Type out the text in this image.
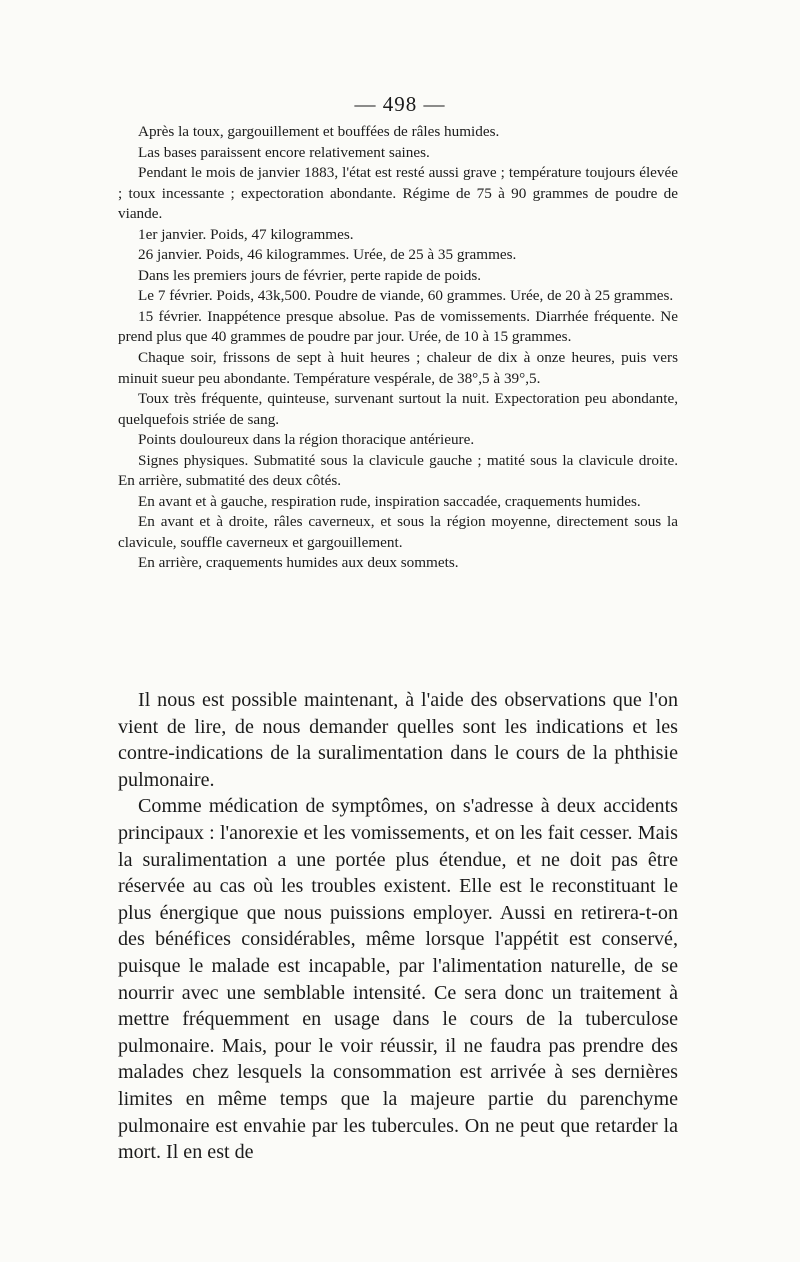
— 498 —

Après la toux, gargouillement et bouffées de râles humides.

Las bases paraissent encore relativement saines.

Pendant le mois de janvier 1883, l'état est resté aussi grave ; température toujours élevée ; toux incessante ; expectoration abondante. Régime de 75 à 90 grammes de poudre de viande.

1er janvier. Poids, 47 kilogrammes.

26 janvier. Poids, 46 kilogrammes. Urée, de 25 à 35 grammes.

Dans les premiers jours de février, perte rapide de poids.

Le 7 février. Poids, 43k,500. Poudre de viande, 60 grammes. Urée, de 20 à 25 grammes.

15 février. Inappétence presque absolue. Pas de vomissements. Diarrhée fréquente. Ne prend plus que 40 grammes de poudre par jour. Urée, de 10 à 15 grammes.

Chaque soir, frissons de sept à huit heures ; chaleur de dix à onze heures, puis vers minuit sueur peu abondante. Température vespérale, de 38°,5 à 39°,5.

Toux très fréquente, quinteuse, survenant surtout la nuit. Expectoration peu abondante, quelquefois striée de sang.

Points douloureux dans la région thoracique antérieure.

Signes physiques. Submatité sous la clavicule gauche ; matité sous la clavicule droite. En arrière, submatité des deux côtés.

En avant et à gauche, respiration rude, inspiration saccadée, craquements humides.

En avant et à droite, râles caverneux, et sous la région moyenne, directement sous la clavicule, souffle caverneux et gargouillement.

En arrière, craquements humides aux deux sommets.

Il nous est possible maintenant, à l'aide des observations que l'on vient de lire, de nous demander quelles sont les indications et les contre-indications de la suralimentation dans le cours de la phthisie pulmonaire.

Comme médication de symptômes, on s'adresse à deux accidents principaux : l'anorexie et les vomissements, et on les fait cesser. Mais la suralimentation a une portée plus étendue, et ne doit pas être réservée au cas où les troubles existent. Elle est le reconstituant le plus énergique que nous puissions employer. Aussi en retirera-t-on des bénéfices considérables, même lorsque l'appétit est conservé, puisque le malade est incapable, par l'alimentation naturelle, de se nourrir avec une semblable intensité. Ce sera donc un traitement à mettre fréquemment en usage dans le cours de la tuberculose pulmonaire. Mais, pour le voir réussir, il ne faudra pas prendre des malades chez lesquels la consommation est arrivée à ses dernières limites en même temps que la majeure partie du parenchyme pulmonaire est envahie par les tubercules. On ne peut que retarder la mort. Il en est de
